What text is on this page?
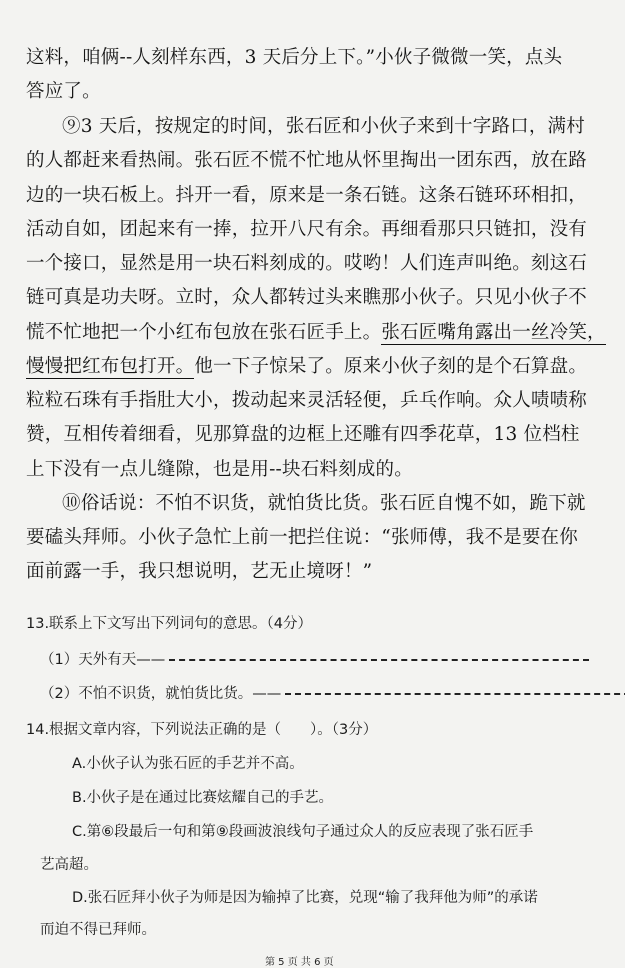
这料，咱俩--人刻样东西，3 天后分上下。”小伙子微微一笑，点头
答应了。
⑨3 天后，按规定的时间，张石匠和小伙子来到十字路口，满村
的人都赶来看热闹。张石匠不慌不忙地从怀里掏出一团东西，放在路
边的一块石板上。抖开一看，原来是一条石链。这条石链环环相扣，
活动自如，团起来有一捧，拉开八尺有余。再细看那只只链扣，没有
一个接口，显然是用一块石料刻成的。哎哟！人们连声叫绝。刻这石
链可真是功夫呀。立时，众人都转过头来瞧那小伙子。只见小伙子不
慌不忙地把一个小红布包放在张石匠手上。张石匠嘴角露出一丝冷笑，
慢慢把红布包打开。他一下子惊呆了。原来小伙子刻的是个石算盘。
粒粒石珠有手指肚大小，拨动起来灵活轻便，乒乓作响。众人啧啧称
赞，互相传着细看，见那算盘的边框上还雕有四季花草，13 位档柱
上下没有一点儿缝隙，也是用--块石料刻成的。
⑩俗话说：不怕不识货，就怕货比货。张石匠自愧不如，跪下就
要磕头拜师。小伙子急忙上前一把拦住说：“张师傅，我不是要在你
面前露一手，我只想说明，艺无止境呀！”
13.联系上下文写出下列词句的意思。（4分）
（1）天外有天——
（2）不怕不识货，就怕货比货。——
14.根据文章内容，下列说法正确的是（　　）。（3分）
A.小伙子认为张石匠的手艺并不高。
B.小伙子是在通过比赛炫耀自己的手艺。
C.第⑥段最后一句和第⑨段画波浪线句子通过众人的反应表现了张石匠手
艺高超。
D.张石匠拜小伙子为师是因为输掉了比赛，兑现“输了我拜他为师”的承诺
而迫不得已拜师。
第 5 页 共 6 页
